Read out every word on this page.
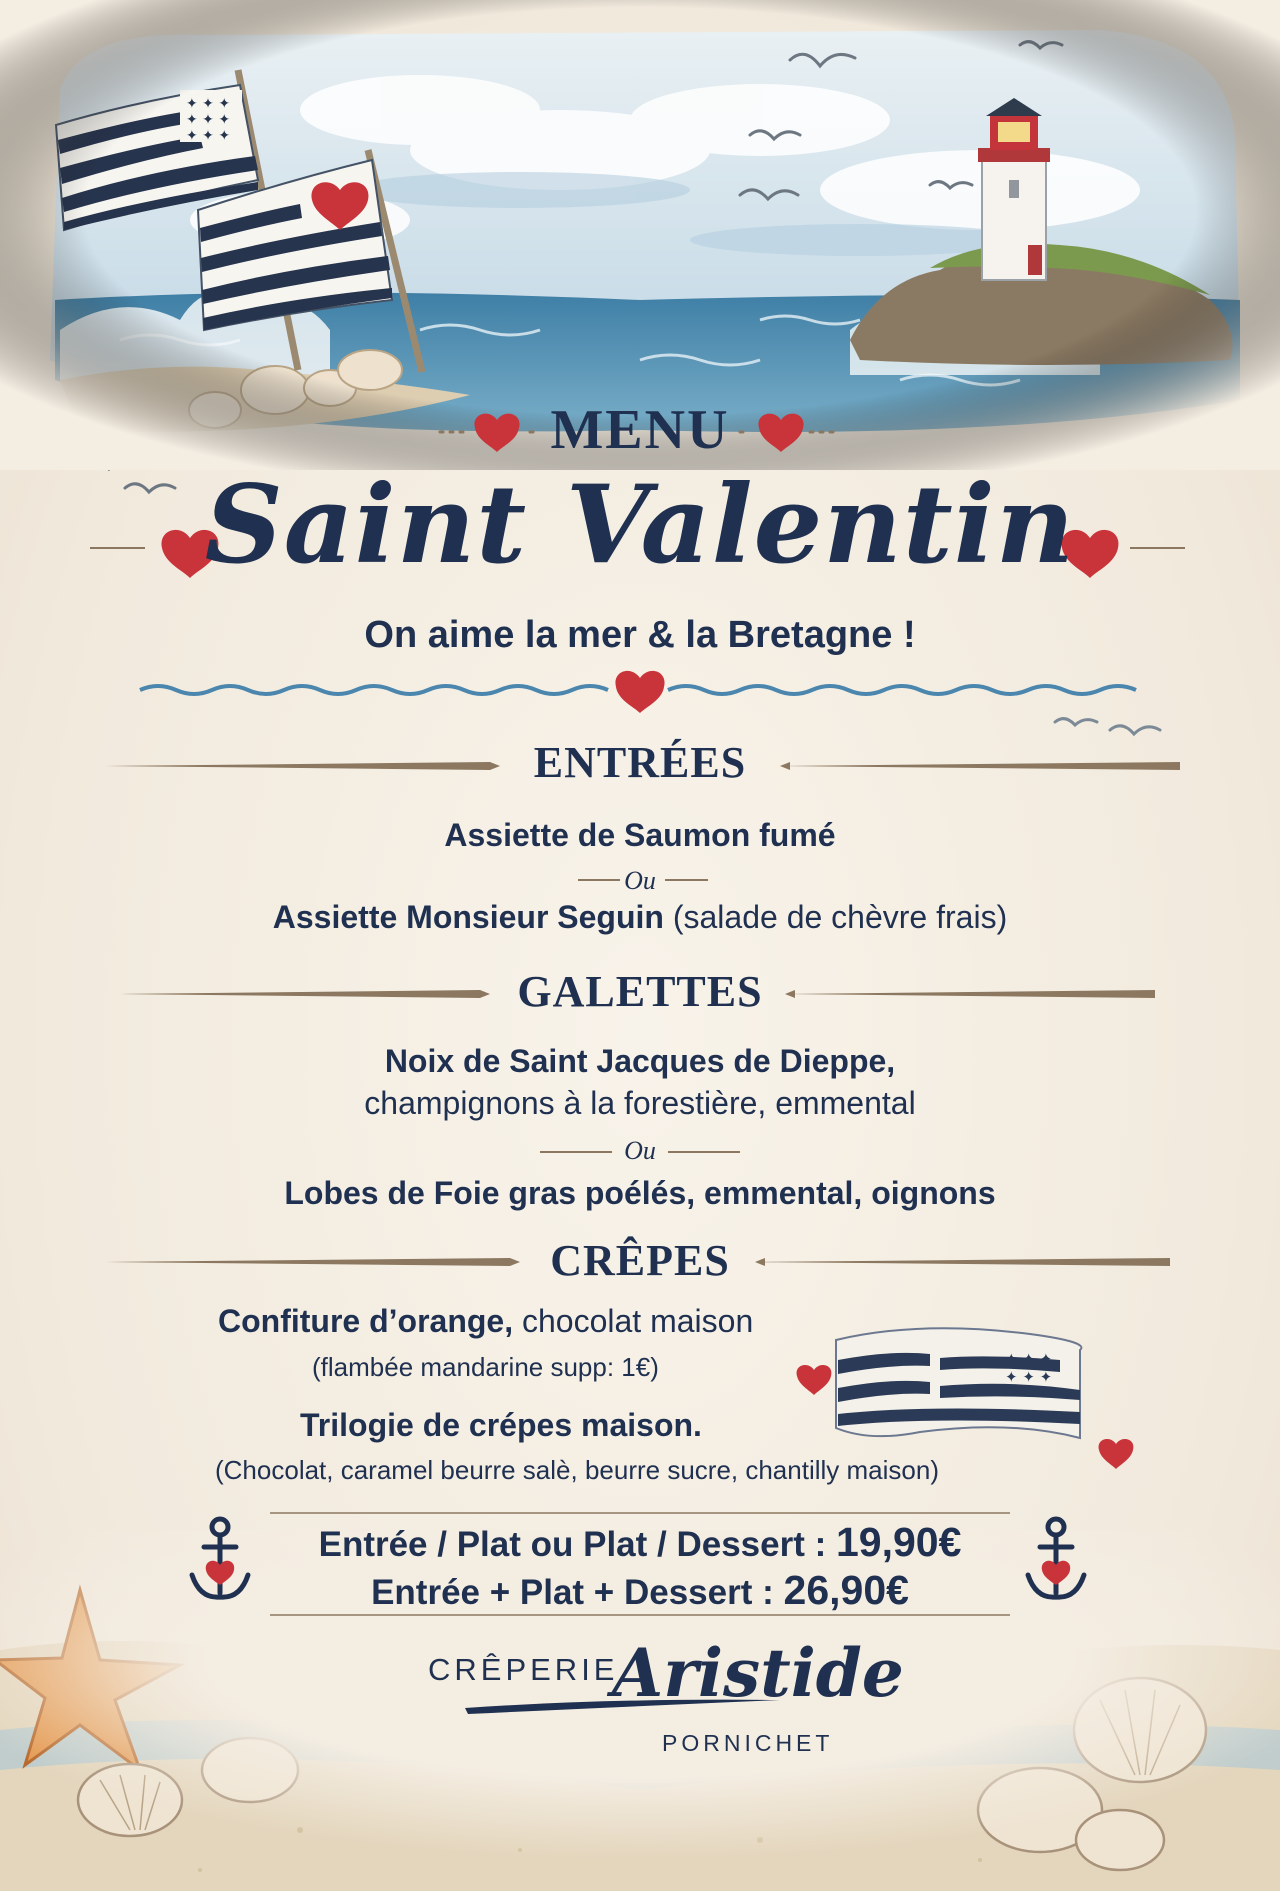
MENU
Saint Valentin
On aime la mer & la Bretagne !
ENTRÉES
Assiette de Saumon fumé
Ou
Assiette Monsieur Seguin (salade de chèvre frais)
GALETTES
Noix de Saint Jacques de Dieppe,
champignons à la forestière, emmental
Ou
Lobes de Foie gras poélés, emmental, oignons
CRÊPES
Confiture d’orange, chocolat maison
(flambée mandarine supp: 1€)
Trilogie de crépes maison.
(Chocolat, caramel beurre salè, beurre sucre, chantilly maison)
✦ ✦ ✦
✦ ✦ ✦
Entrée / Plat ou Plat / Dessert : 19,90€
Entrée + Plat + Dessert : 26,90€
CRÊPERIE
Aristide
PORNICHET
